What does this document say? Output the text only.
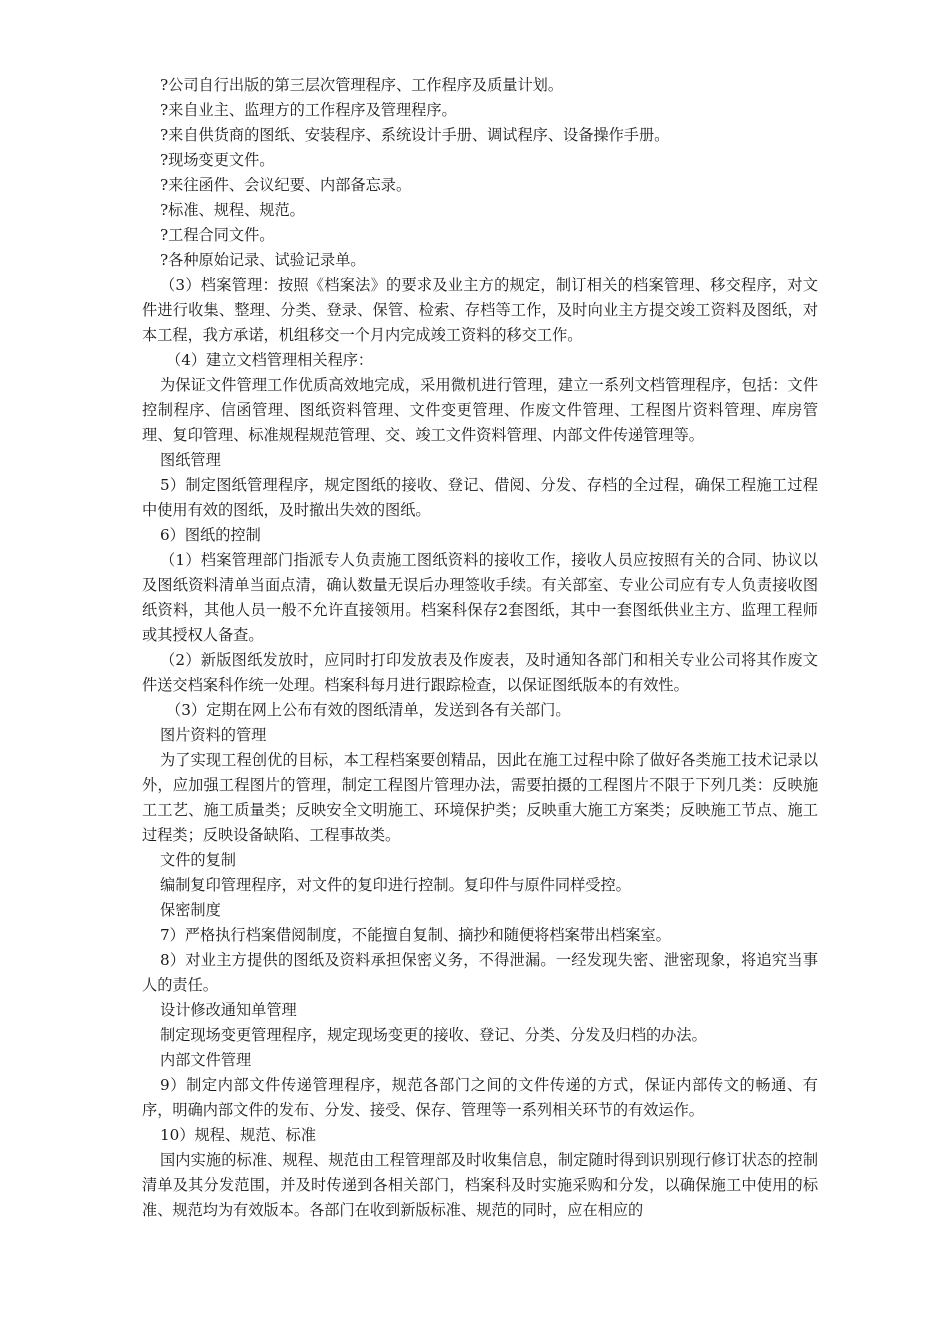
?公司自行出版的第三层次管理程序、工作程序及质量计划。

?来自业主、监理方的工作程序及管理程序。

?来自供货商的图纸、安装程序、系统设计手册、调试程序、设备操作手册。

?现场变更文件。

?来往函件、会议纪要、内部备忘录。

?标准、规程、规范。

?工程合同文件。

?各种原始记录、试验记录单。

（3）档案管理：按照《档案法》的要求及业主方的规定，制订相关的档案管理、移交程序，对文件进行收集、整理、分类、登录、保管、检索、存档等工作，及时向业主方提交竣工资料及图纸，对本工程，我方承诺，机组移交一个月内完成竣工资料的移交工作。

（4）建立文档管理相关程序：

为保证文件管理工作优质高效地完成，采用微机进行管理，建立一系列文档管理程序，包括：文件控制程序、信函管理、图纸资料管理、文件变更管理、作废文件管理、工程图片资料管理、库房管理、复印管理、标准规程规范管理、交、竣工文件资料管理、内部文件传递管理等。

图纸管理

5）制定图纸管理程序，规定图纸的接收、登记、借阅、分发、存档的全过程，确保工程施工过程中使用有效的图纸，及时撤出失效的图纸。

6）图纸的控制

（1）档案管理部门指派专人负责施工图纸资料的接收工作，接收人员应按照有关的合同、协议以及图纸资料清单当面点清，确认数量无误后办理签收手续。有关部室、专业公司应有专人负责接收图纸资料，其他人员一般不允许直接领用。档案科保存2套图纸，其中一套图纸供业主方、监理工程师或其授权人备查。

（2）新版图纸发放时，应同时打印发放表及作废表，及时通知各部门和相关专业公司将其作废文件送交档案科作统一处理。档案科每月进行跟踪检查，以保证图纸版本的有效性。

（3）定期在网上公布有效的图纸清单，发送到各有关部门。

图片资料的管理

为了实现工程创优的目标，本工程档案要创精品，因此在施工过程中除了做好各类施工技术记录以外，应加强工程图片的管理，制定工程图片管理办法，需要拍摄的工程图片不限于下列几类：反映施工工艺、施工质量类；反映安全文明施工、环境保护类；反映重大施工方案类；反映施工节点、施工过程类；反映设备缺陷、工程事故类。

文件的复制

编制复印管理程序，对文件的复印进行控制。复印件与原件同样受控。

保密制度

7）严格执行档案借阅制度，不能擅自复制、摘抄和随便将档案带出档案室。

8）对业主方提供的图纸及资料承担保密义务，不得泄漏。一经发现失密、泄密现象，将追究当事人的责任。

设计修改通知单管理

制定现场变更管理程序，规定现场变更的接收、登记、分类、分发及归档的办法。

内部文件管理

9）制定内部文件传递管理程序，规范各部门之间的文件传递的方式，保证内部传文的畅通、有序，明确内部文件的发布、分发、接受、保存、管理等一系列相关环节的有效运作。

10）规程、规范、标准

国内实施的标准、规程、规范由工程管理部及时收集信息，制定随时得到识别现行修订状态的控制清单及其分发范围，并及时传递到各相关部门，档案科及时实施采购和分发，以确保施工中使用的标准、规范均为有效版本。各部门在收到新版标准、规范的同时，应在相应的
